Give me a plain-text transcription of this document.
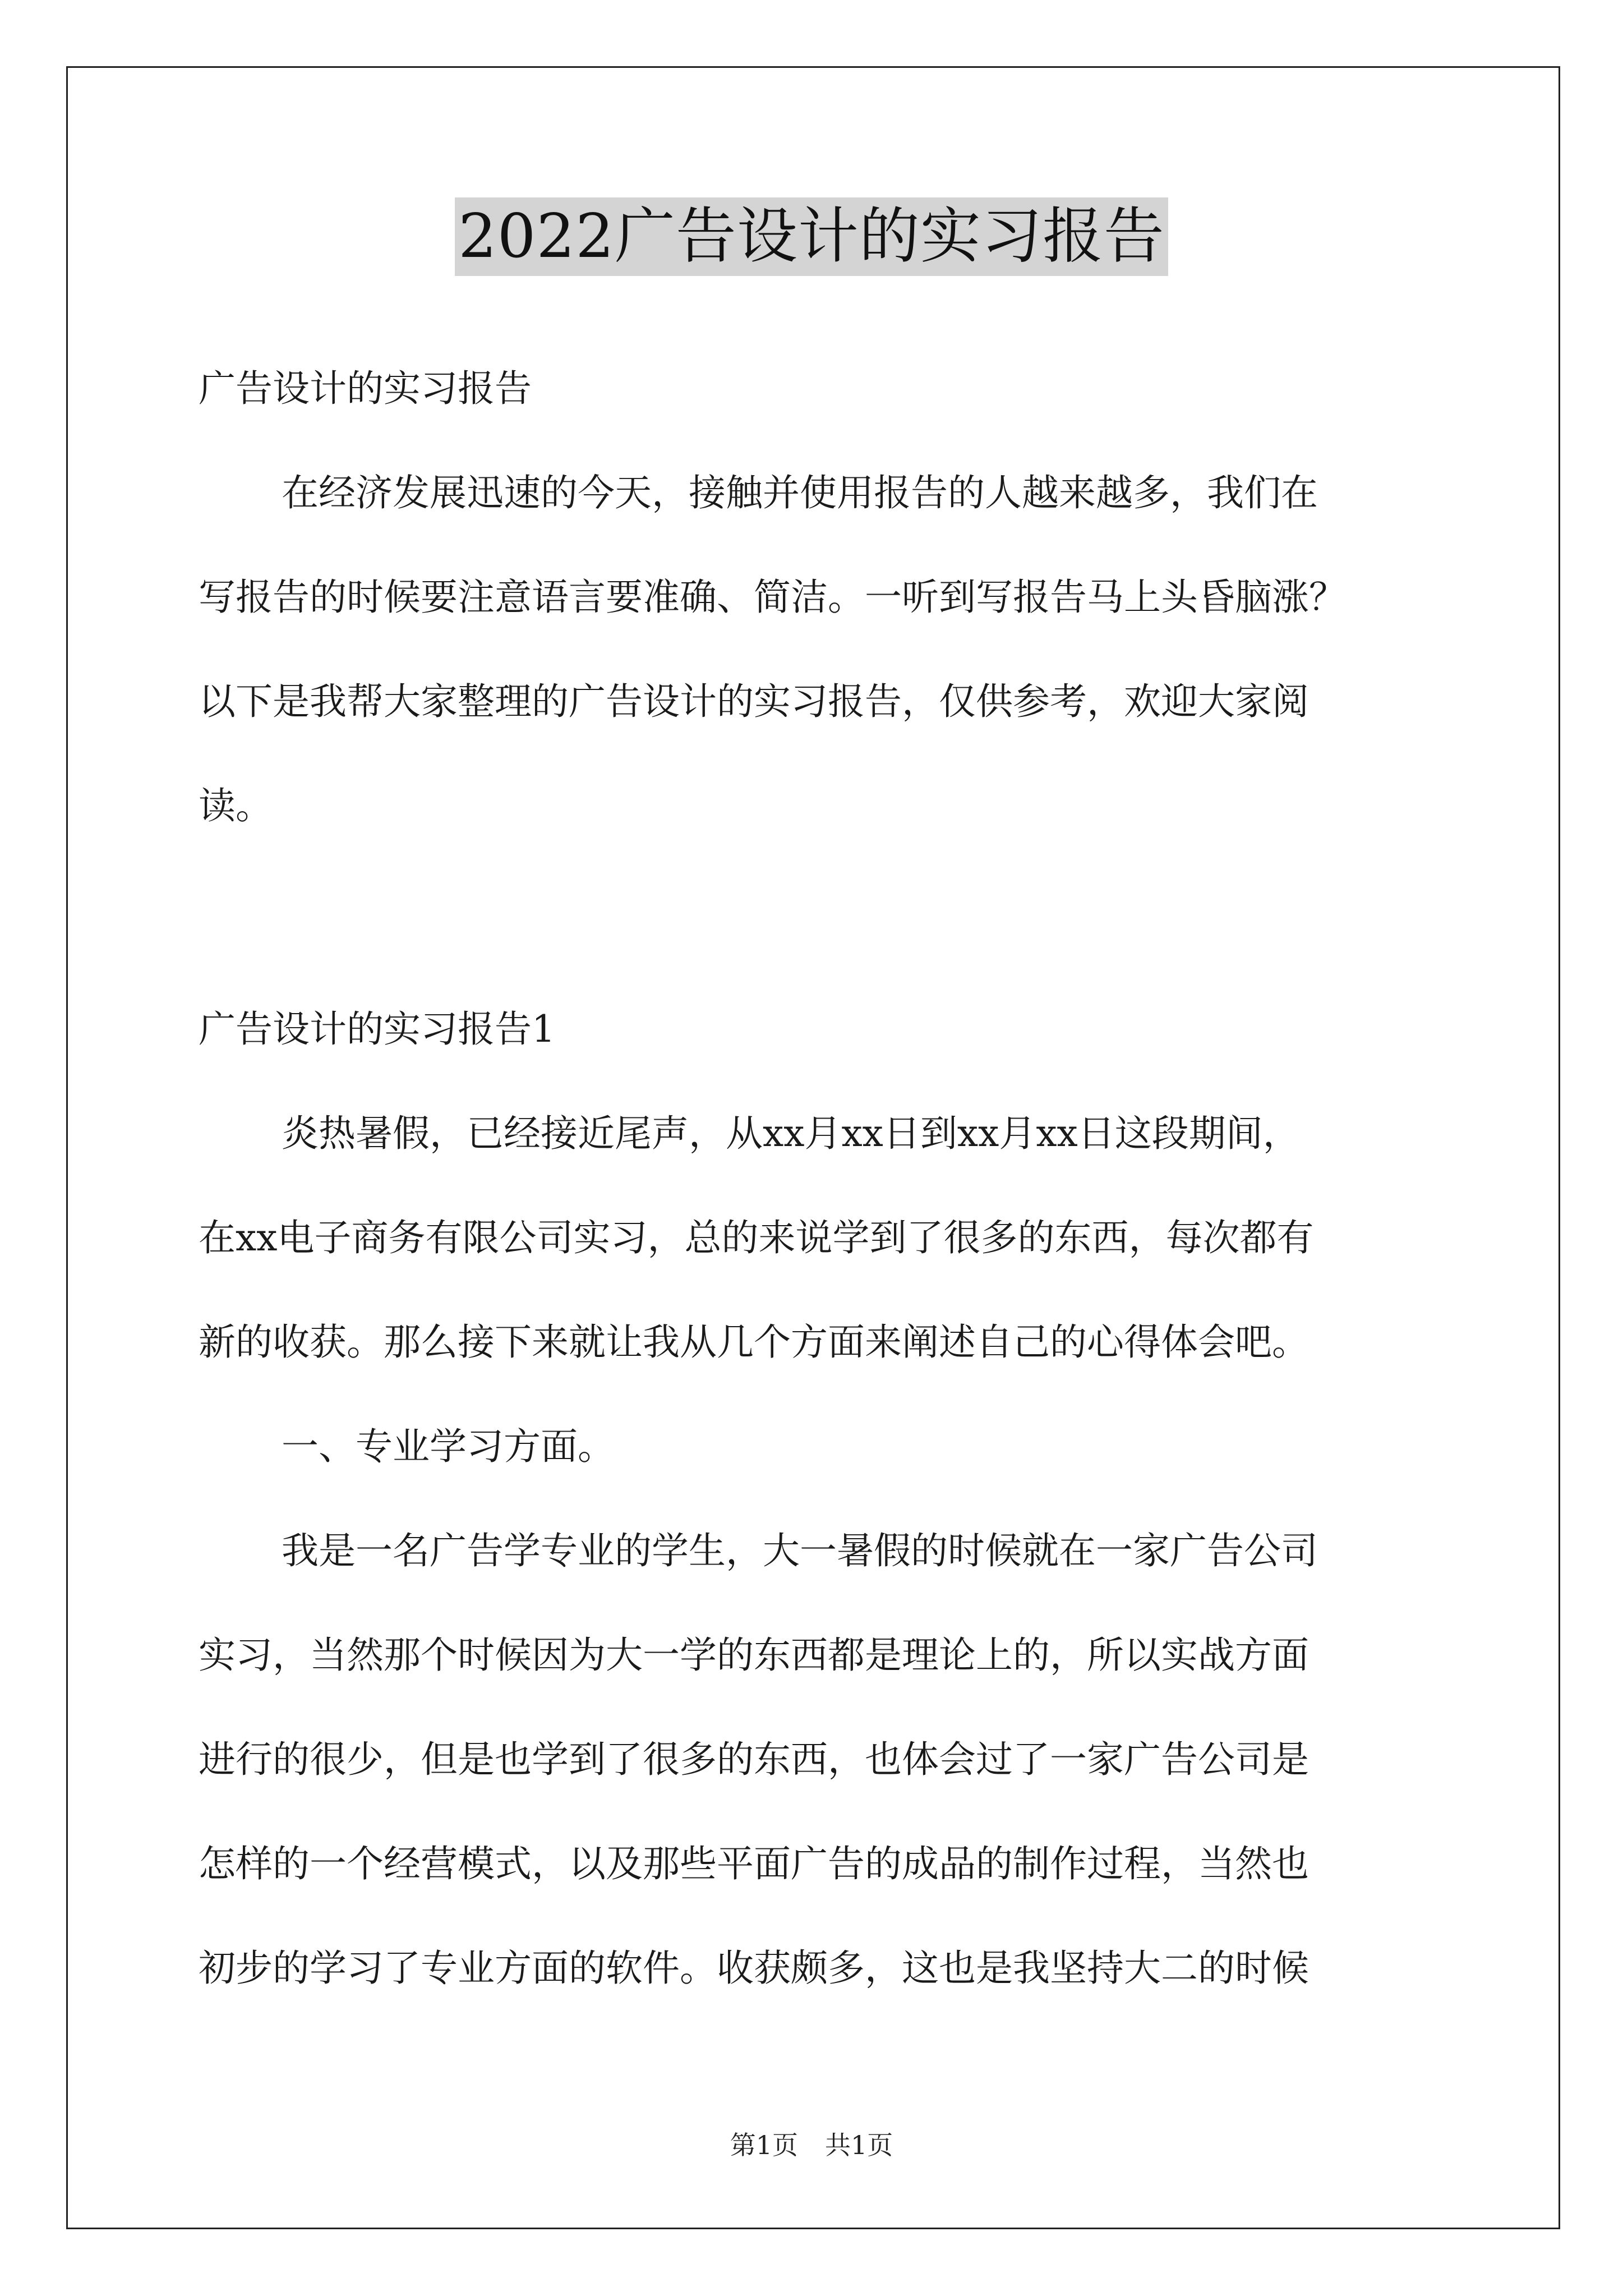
2022广告设计的实习报告
广告设计的实习报告
在经济发展迅速的今天，接触并使用报告的人越来越多，我们在
写报告的时候要注意语言要准确、简洁。一听到写报告马上头昏脑涨？
以下是我帮大家整理的广告设计的实习报告，仅供参考，欢迎大家阅
读。
广告设计的实习报告1
炎热暑假，已经接近尾声，从xx月xx日到xx月xx日这段期间，
在xx电子商务有限公司实习，总的来说学到了很多的东西，每次都有
新的收获。那么接下来就让我从几个方面来阐述自己的心得体会吧。
一、专业学习方面。
我是一名广告学专业的学生，大一暑假的时候就在一家广告公司
实习，当然那个时候因为大一学的东西都是理论上的，所以实战方面
进行的很少，但是也学到了很多的东西，也体会过了一家广告公司是
怎样的一个经营模式，以及那些平面广告的成品的制作过程，当然也
初步的学习了专业方面的软件。收获颇多，这也是我坚持大二的时候
第1页 共1页
